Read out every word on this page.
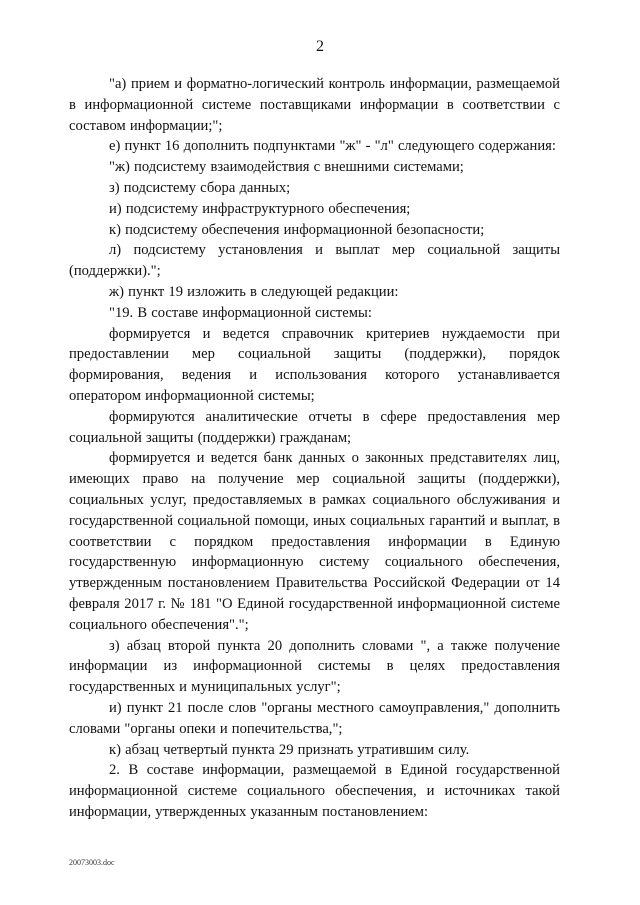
2

"а) прием и форматно-логический контроль информации, размещаемой в информационной системе поставщиками информации в соответствии с составом информации;";

е) пункт 16 дополнить подпунктами "ж" - "л" следующего содержания:

"ж) подсистему взаимодействия с внешними системами;

з) подсистему сбора данных;

и) подсистему инфраструктурного обеспечения;

к) подсистему обеспечения информационной безопасности;

л) подсистему установления и выплат мер социальной защиты (поддержки).";

ж) пункт 19 изложить в следующей редакции:

"19. В составе информационной системы:

формируется и ведется справочник критериев нуждаемости при предоставлении мер социальной защиты (поддержки), порядок формирования, ведения и использования которого устанавливается оператором информационной системы;

формируются аналитические отчеты в сфере предоставления мер социальной защиты (поддержки) гражданам;

формируется и ведется банк данных о законных представителях лиц, имеющих право на получение мер социальной защиты (поддержки), социальных услуг, предоставляемых в рамках социального обслуживания и государственной социальной помощи, иных социальных гарантий и выплат, в соответствии с порядком предоставления информации в Единую государственную информационную систему социального обеспечения, утвержденным постановлением Правительства Российской Федерации от 14 февраля 2017 г. № 181 "О Единой государственной информационной системе социального обеспечения".";

з) абзац второй пункта 20 дополнить словами ", а также получение информации из информационной системы в целях предоставления государственных и муниципальных услуг";

и) пункт 21 после слов "органы местного самоуправления," дополнить словами "органы опеки и попечительства,";

к) абзац четвертый пункта 29 признать утратившим силу.

2. В составе информации, размещаемой в Единой государственной информационной системе социального обеспечения, и источниках такой информации, утвержденных указанным постановлением:

20073003.doc
